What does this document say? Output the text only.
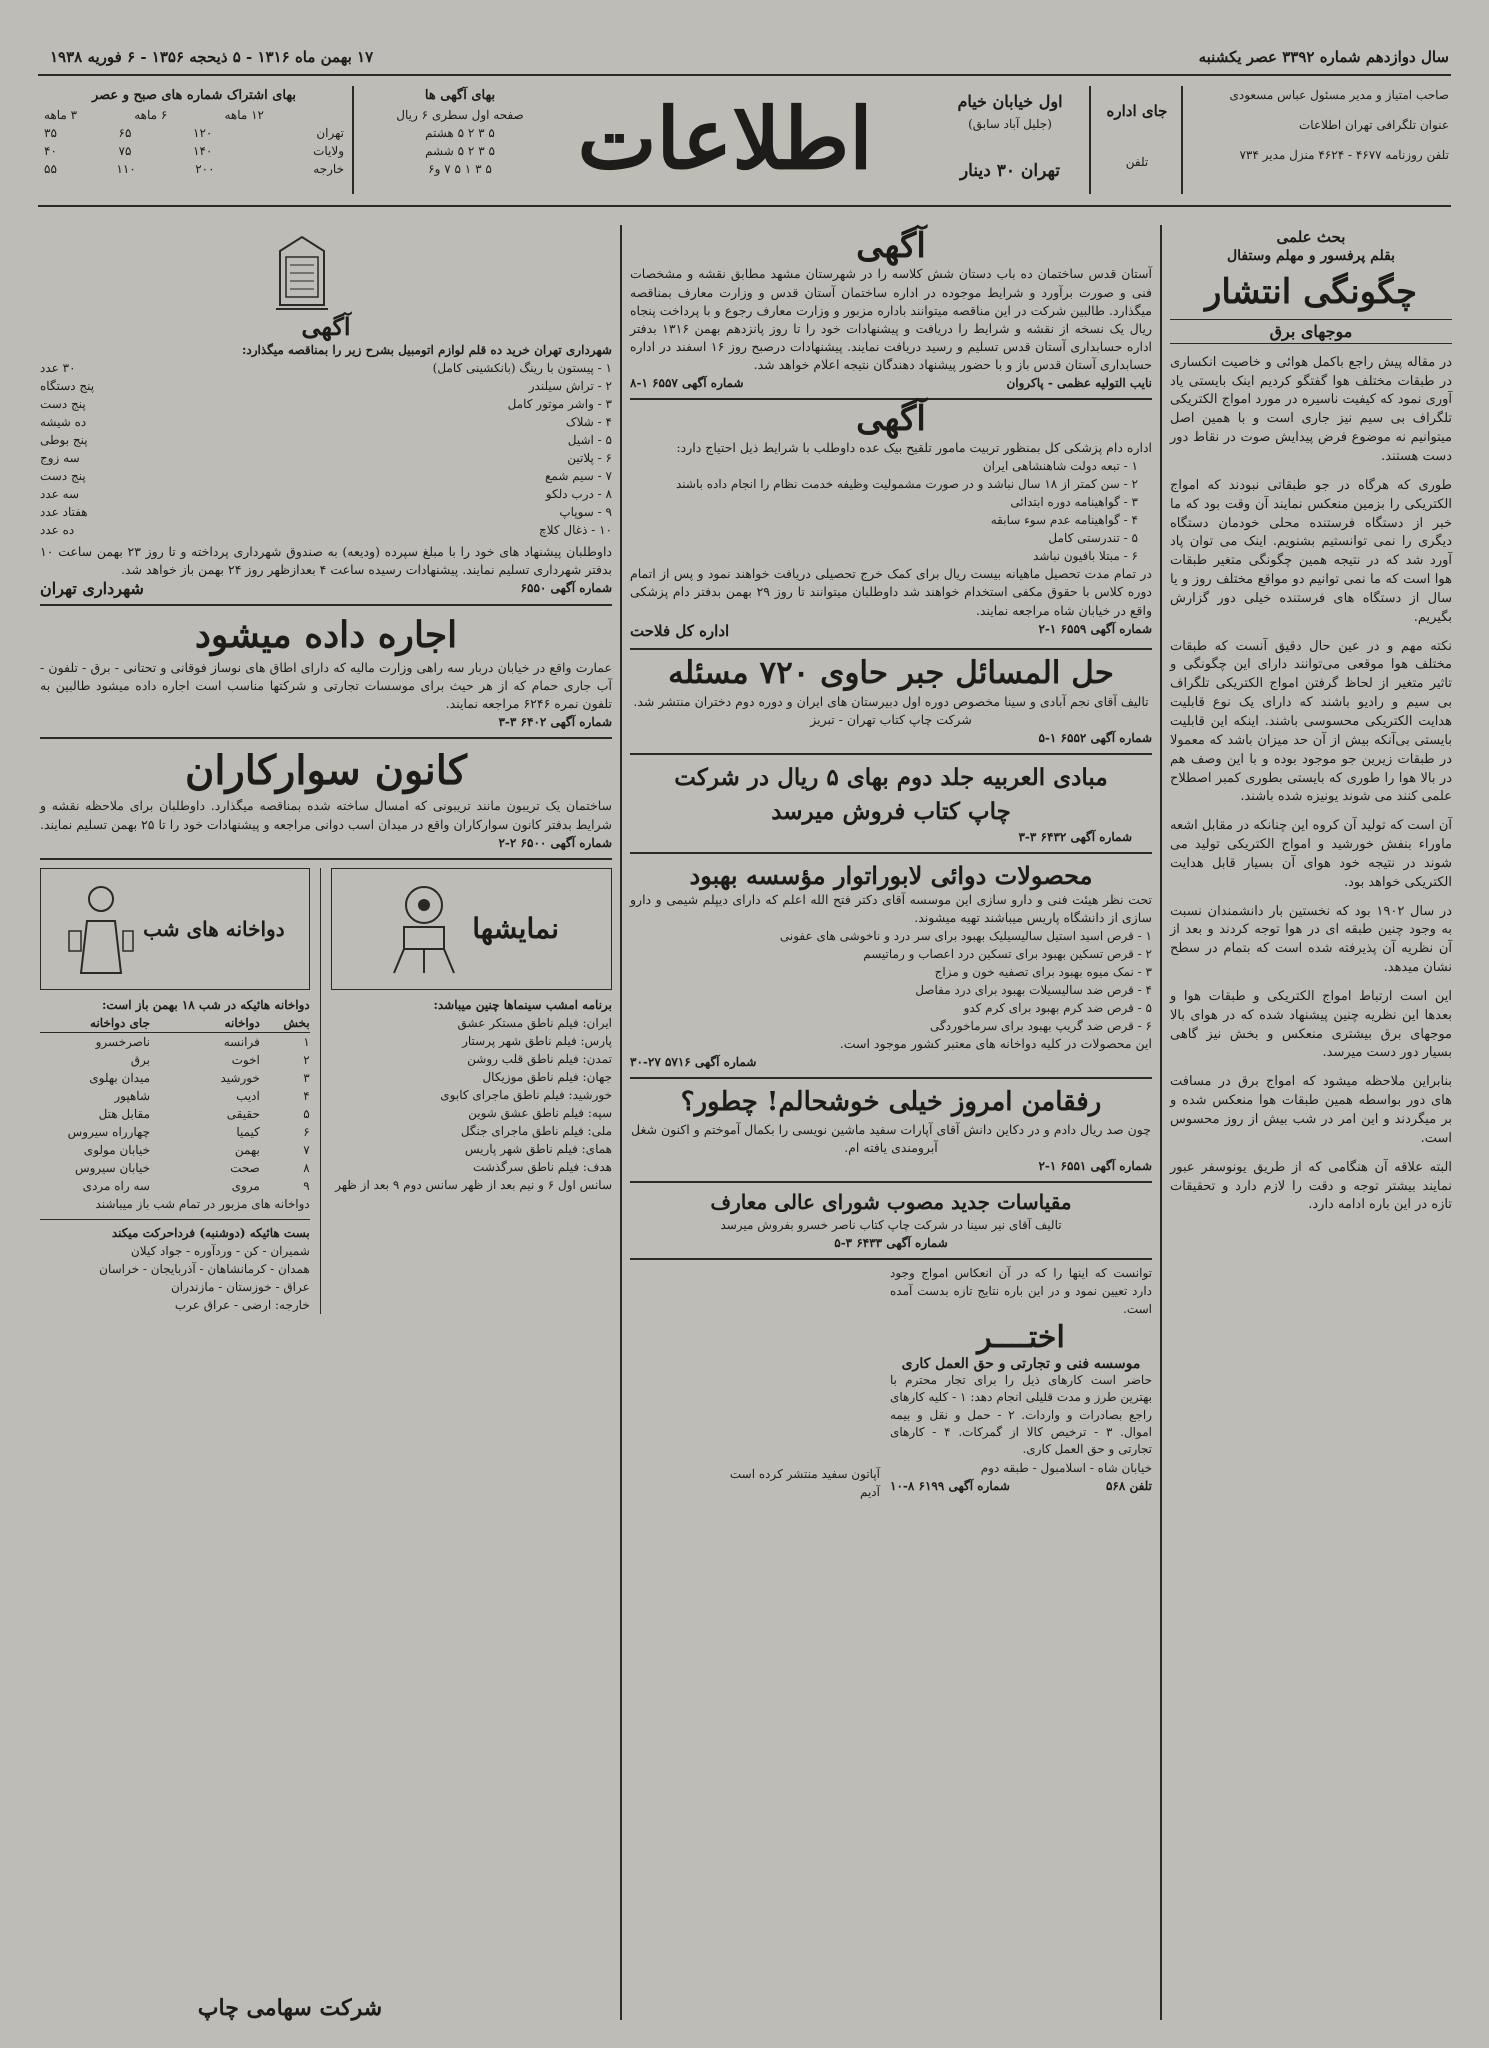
سال دوازدهم شماره ۳۳۹۲ عصر یکشنبه
۱۷ بهمن ماه ۱۳۱۶ - ۵ ذیحجه ۱۳۵۶ - ۶ فوریه ۱۹۳۸
صاحب امتیاز و مدیر مسئول عباس مسعودی
عنوان تلگرافی تهران اطلاعات
تلفن روزنامه ۴۶۷۷ - ۴۶۲۴ منزل مدیر ۷۳۴
جای اداره
تلفن
اول خیابان خیام
(جلیل آباد سابق)
تهران ۳۰ دینار
اطلاعات
بهای آگهی ها
صفحه اول سطری ۶ ریال
۵ ۳ ۲ ۵ هشتم
۵ ۳ ۲ ۵ ششم
۵ ۳ ۱ ۵ ۷ و۶
بهای اشتراک شماره های صبح و عصر
۱۲ ماهه
۶ ماهه
۳ ماهه
تهران
۱۲۰
۶۵
۳۵
ولایات
۱۴۰
۷۵
۴۰
خارجه
۲۰۰
۱۱۰
۵۵
بحث علمی
بقلم پرفسور و مهلم وستفال
چگونگی انتشار
موجهای برق

در مقاله پیش راجع باکمل هوائی و خاصیت انکساری در طبقات مختلف هوا گفتگو کردیم اینک بایستی یاد آوری نمود که کیفیت ناسیره در مورد امواج الکتریکی تلگراف بی سیم نیز جاری است و با همین اصل میتوانیم نه موضوع فرض پیدایش صوت در نقاط دور دست هستند.

طوری که هرگاه در جو طبقاتی نبودند که امواج الکتریکی را بزمین منعکس نمایند آن وقت بود که ما خبر از دستگاه فرستنده محلی خودمان دستگاه دیگری را نمی توانستیم بشنویم. اینک می توان پاد آورد شد که در نتیجه همین چگونگی متغیر طبقات هوا است که ما نمی توانیم دو مواقع مختلف روز و یا سال از دستگاه های فرستنده خیلی دور گزارش بگیریم.

نکته مهم و در عین حال دقیق آنست که طبقات مختلف هوا موقعی می‌توانند دارای این چگونگی و تاثیر متغیر از لحاظ گرفتن امواج الکتریکی تلگراف بی سیم و رادیو باشند که دارای یک نوع قابلیت هدایت الکتریکی محسوسی باشند. اینکه این قابلیت بایستی بی‌آنکه بیش از آن حد میزان باشد که معمولا در طبقات زیرین جو موجود بوده و با این وصف هم در بالا هوا را طوری که بایستی بطوری کمبر اصطلاح علمی کنند می شوند یونیزه شده باشند.

آن است که تولید آن کروه این چنانکه در مقابل اشعه ماوراء بنفش خورشید و امواج الکتریکی تولید می شوند در نتیجه خود هوای آن بسیار قابل هدایت الکتریکی خواهد بود.

در سال ۱۹۰۲ بود که نخستین بار دانشمندان نسبت به وجود چنین طبقه ای در هوا توجه کردند و بعد از آن نظریه آن پذیرفته شده است که بتمام در سطح نشان میدهد.

این است ارتباط امواج الکتریکی و طبقات هوا و بعدها این نظریه چنین پیشنهاد شده که در هوای بالا موجهای برق بیشتری منعکس و بخش نیز گاهی بسیار دور دست میرسد.

بنابراین ملاحظه میشود که امواج برق در مسافت های دور بواسطه همین طبقات هوا منعکس شده و بر میگردند و این امر در شب بیش از روز محسوس است.

البته علاقه آن هنگامی که از طریق یونوسفر عبور نمایند بیشتر توجه و دقت را لازم دارد و تحقیقات تازه در این باره ادامه دارد.

آگهی
آستان قدس ساختمان ده باب دستان شش کلاسه را در شهرستان مشهد مطابق نقشه و مشخصات فنی و صورت برآورد و شرایط موجوده در اداره ساختمان آستان قدس و وزارت معارف بمناقصه میگذارد. طالبین شرکت در این مناقصه میتوانند باداره مزبور و وزارت معارف رجوع و با پرداخت پنجاه ریال یک نسخه از نقشه و شرایط را دریافت و پیشنهادات خود را تا روز پانزدهم بهمن ۱۳۱۶ بدفتر اداره حسابداری آستان قدس تسلیم و رسید دریافت نمایند. پیشنهادات درصبح روز ۱۶ اسفند در اداره حسابداری آستان قدس باز و با حضور پیشنهاد دهندگان نتیجه اعلام خواهد شد.
نایب التولیه عظمی - پاکروان
شماره آگهی ۶۵۵۷ ۱-۸
آگهی
اداره دام پزشکی کل بمنظور تربیت مامور تلقیح بیک عده داوطلب با شرایط ذیل احتیاج دارد:
۱ - تبعه دولت شاهنشاهی ایران
۲ - سن کمتر از ۱۸ سال نباشد و در صورت مشمولیت وظیفه خدمت نظام را انجام داده باشند
۳ - گواهینامه دوره ابتدائی
۴ - گواهینامه عدم سوء سابقه
۵ - تندرستی کامل
۶ - مبتلا بافیون نباشد
در تمام مدت تحصیل ماهیانه بیست ریال برای کمک خرج تحصیلی دریافت خواهند نمود و پس از اتمام دوره کلاس با حقوق مکفی استخدام خواهند شد داوطلبان میتوانند تا روز ۲۹ بهمن بدفتر دام پزشکی واقع در خیابان شاه مراجعه نمایند.
شماره آگهی ۶۵۵۹ ۱-۲
اداره کل فلاحت
حل المسائل جبر حاوی ۷۲۰ مسئله
تالیف آقای نجم آبادی و سینا مخصوص دوره اول دبیرستان های ایران و دوره دوم دختران منتشر شد. شرکت چاپ کتاب تهران - تبریز
شماره آگهی ۶۵۵۲ ۱-۵
مبادی العربیه جلد دوم بهای ۵ ریال در شرکت چاپ کتاب فروش میرسد
شماره آگهی ۶۴۳۲ ۳-۳
محصولات دوائی لابوراتوار مؤسسه بهبود
تحت نظر هیئت فنی و دارو سازی این موسسه آقای دکتر فتح الله اعلم که دارای دیپلم شیمی و دارو سازی از دانشگاه پاریس میباشند تهیه میشوند.
۱ - قرص اسید استیل سالیسیلیک بهبود برای سر درد و ناخوشی های عفونی
۲ - قرص تسکین بهبود برای تسکین درد اعصاب و رماتیسم
۳ - نمک میوه بهبود برای تصفیه خون و مزاج
۴ - قرص ضد سالیسیلات بهبود برای درد مفاصل
۵ - قرص ضد کرم بهبود برای کرم کدو
۶ - قرص ضد گریپ بهبود برای سرماخوردگی
این محصولات در کلیه دواخانه های معتبر کشور موجود است.
شماره آگهی ۵۷۱۶ ۲۷-۳۰
رفقامن امروز خیلی خوشحالم! چطور؟
چون صد ریال دادم و در دکاین دانش آقای آپارات سفید ماشین نویسی را بکمال آموختم و اکنون شغل آبرومندی یافته ام.
شماره آگهی ۶۵۵۱ ۱-۲
مقیاسات جدید مصوب شورای عالی معارف
تالیف آقای نیر سینا در شرکت چاپ کتاب ناصر خسرو بفروش میرسد
شماره آگهی ۶۴۳۳ ۳-۵
توانست که اینها را که در آن انعکاس امواج وجود دارد تعیین نمود و در این باره نتایج تازه بدست آمده است.
اختــــر
موسسه فنی و تجارتی و حق العمل کاری
حاضر است کارهای ذیل را برای تجار محترم با بهترین طرز و مدت قلیلی انجام دهد: ۱ - کلیه کارهای راجع بصادرات و واردات. ۲ - حمل و نقل و بیمه اموال. ۳ - ترخیص کالا از گمرکات. ۴ - کارهای تجارتی و حق العمل کاری.
خیابان شاه - اسلامبول - طبقه دوم
تلفن ۵۶۸
شماره آگهی ۶۱۹۹ ۸-۱۰
آپاتون سفید منتشر کرده است
آدیم
آگهی
شهرداری تهران خرید ده قلم لوازم اتومبیل بشرح زیر را بمناقصه میگذارد:
۱ - پیستون با رینگ (بانکشینی کامل)
۳۰ عدد
۲ - تراش سیلندر
پنج دستگاه
۳ - واشر موتور کامل
پنج دست
۴ - شلاک
ده شیشه
۵ - اشیل
پنج بوطی
۶ - پلاتین
سه زوج
۷ - سیم شمع
پنج دست
۸ - درب دلکو
سه عدد
۹ - سوپاپ
هفتاد عدد
۱۰ - ذغال کلاچ
ده عدد
داوطلبان پیشنهاد های خود را با مبلغ سپرده (ودیعه) به صندوق شهرداری پرداخته و تا روز ۲۳ بهمن ساعت ۱۰ بدفتر شهرداری تسلیم نمایند. پیشنهادات رسیده ساعت ۴ بعدازظهر روز ۲۴ بهمن باز خواهد شد.
شماره آگهی ۶۵۵۰
شهرداری تهران
اجاره داده میشود
عمارت واقع در خیابان دربار سه راهی وزارت مالیه که دارای اطاق های نوساز فوقانی و تحتانی - برق - تلفون - آب جاری حمام که از هر حیث برای موسسات تجارتی و شرکتها مناسب است اجاره داده میشود طالبین به تلفون نمره ۶۲۴۶ مراجعه نمایند.
شماره آگهی ۶۴۰۲ ۳-۳
کانون سوارکاران
ساختمان یک تریبون مانند تریبونی که امسال ساخته شده بمناقصه میگذارد. داوطلبان برای ملاحظه نقشه و شرایط بدفتر کانون سوارکاران واقع در میدان اسب دوانی مراجعه و پیشنهادات خود را تا ۲۵ بهمن تسلیم نمایند.
شماره آگهی ۶۵۰۰ ۲-۲
نمایشها
برنامه امشب سینماها چنین میباشد:
ایران: فیلم ناطق مستکر عشق
پارس: فیلم ناطق شهر پرستار
تمدن: فیلم ناطق قلب روشن
جهان: فیلم ناطق موزیکال
خورشید: فیلم ناطق ماجرای کابوی
سپه: فیلم ناطق عشق شوین
ملی: فیلم ناطق ماجرای جنگل
همای: فیلم ناطق شهر پاریس
هدف: فیلم ناطق سرگذشت
سانس اول ۶ و نیم بعد از ظهر سانس دوم ۹ بعد از ظهر
دواخانه های شب
دواخانه هائیکه در شب ۱۸ بهمن باز است:
بخش
دواخانه
جای دواخانه
۱
فرانسه
ناصرخسرو
۲
اخوت
برق
۳
خورشید
میدان بهلوی
۴
ادیب
شاهپور
۵
حقیقی
مقابل هتل
۶
کیمیا
چهارراه سیروس
۷
بهمن
خیابان مولوی
۸
صحت
خیابان سیروس
۹
مروی
سه راه مردی
دواخانه های مزبور در تمام شب باز میباشند
بست هائیکه (دوشنبه) فرداحرکت میکند
شمیران - کن - وردآوره - جواد کیلان
همدان - کرمانشاهان - آذربایجان - خراسان
عراق - خوزستان - مازندران
خارجه: ارضی - عراق عرب
شرکت سهامی چاپ
